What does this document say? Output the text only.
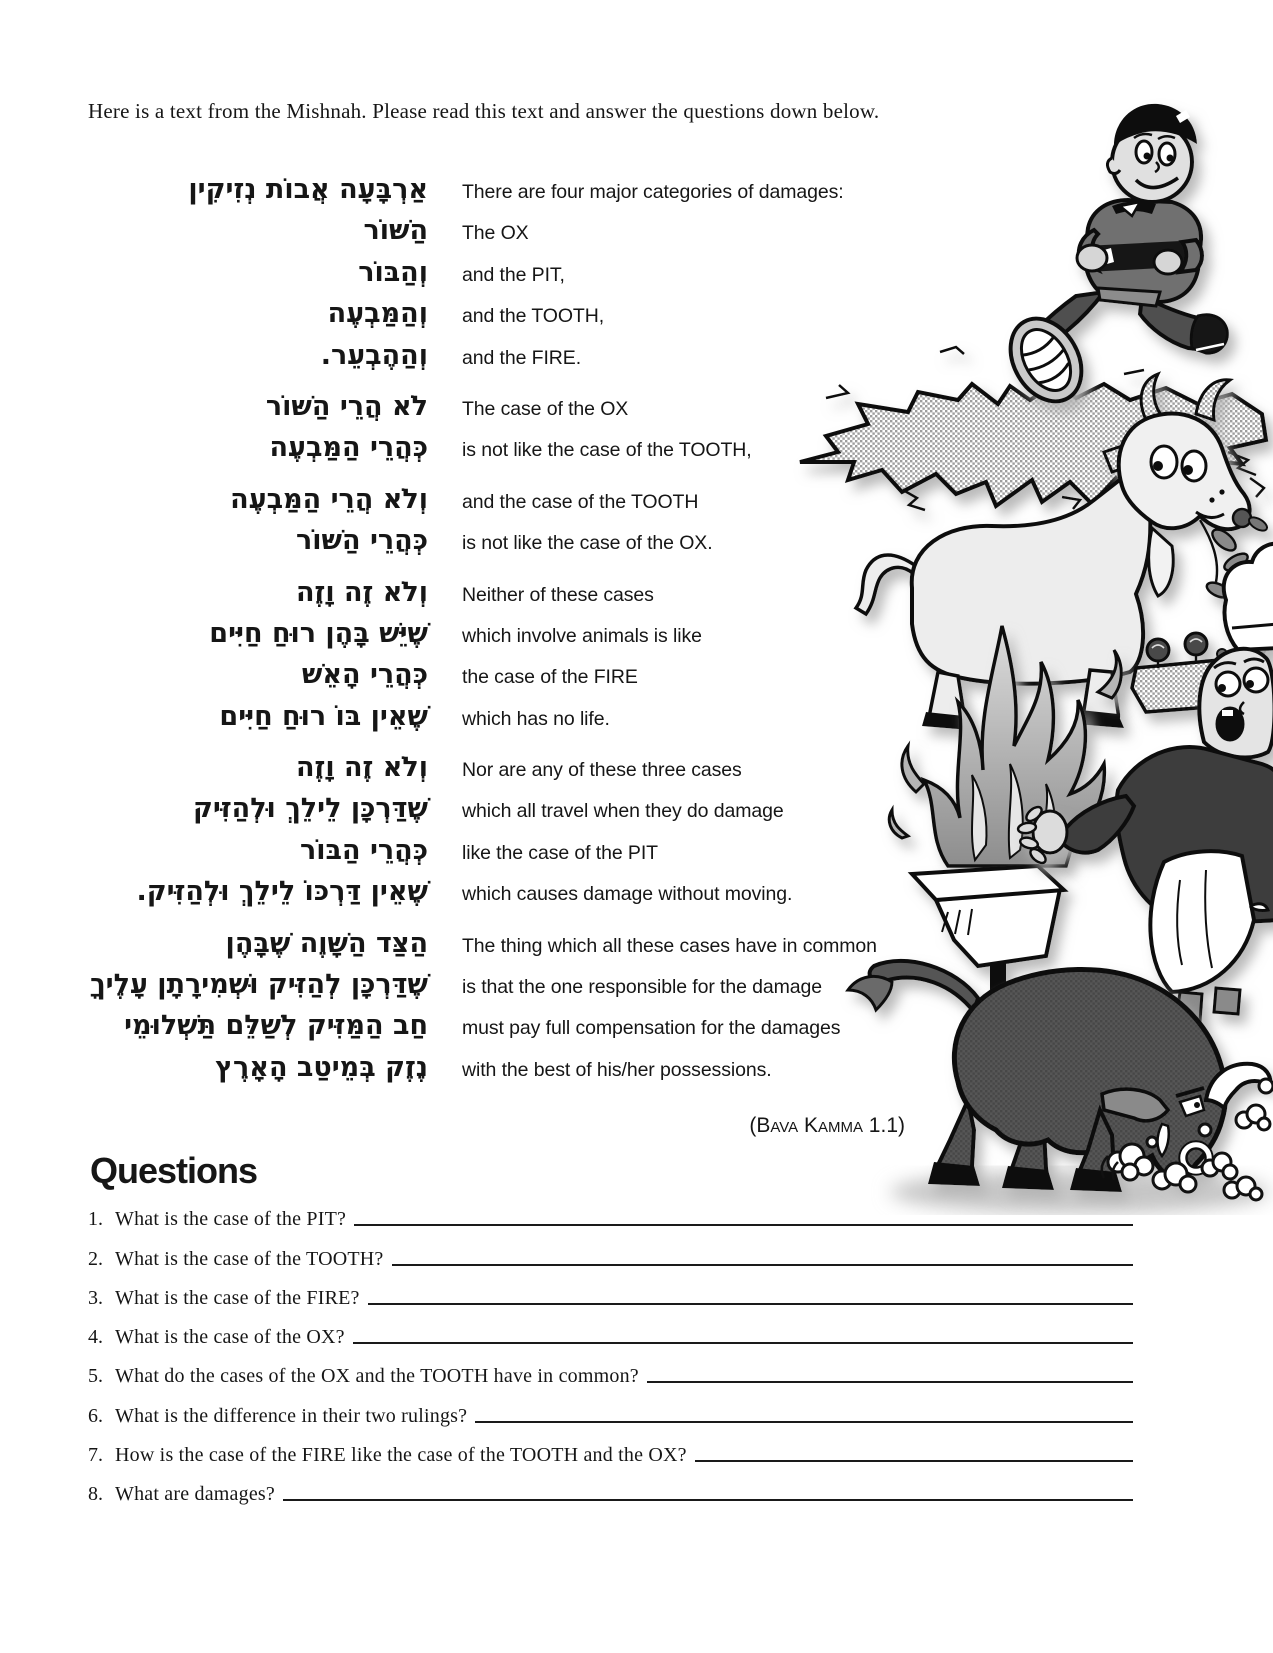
Here is a text from the Mishnah. Please read this text and answer the questions down below.
אַרְבָּעָה אֲבוֹת נְזִיקִין There are four major categories of damages:
הַשּׁוֹר The OX
וְהַבּוֹר and the PIT,
וְהַמַּבְעֶה and the TOOTH,
וְהַהֶבְעֵר. and the FIRE.
לֹא הֲרֵי הַשּׁוֹר The case of the OX
כְּהֲרֵי הַמַּבְעֶה is not like the case of the TOOTH,
וְלֹא הֲרֵי הַמַּבְעֶה and the case of the TOOTH
כְּהֲרֵי הַשּׁוֹר is not like the case of the OX.
וְלֹא זֶה וָזֶה Neither of these cases
שֶׁיֵּשׁ בָּהֶן רוּחַ חַיִּים which involve animals is like
כְּהֲרֵי הָאֵשׁ the case of the FIRE
שֶׁאֵין בּוֹ רוּחַ חַיִּים which has no life.
וְלֹא זֶה וָזֶה Nor are any of these three cases
שֶׁדַּרְכָּן לֵילֵךְ וּלְהַזִּיק which all travel when they do damage
כְּהֲרֵי הַבּוֹר like the case of the PIT
שֶׁאֵין דַּרְכּוֹ לֵילֵךְ וּלְהַזִּיק. which causes damage without moving.
הַצַּד הַשָּׁוֶה שֶׁבָּהֶן The thing which all these cases have in common
שֶׁדַּרְכָּן לְהַזִּיק וּשְׁמִירָתָן עָלֶיךָ is that the one responsible for the damage
חַב הַמַּזִּיק לְשַׁלֵּם תַּשְׁלוּמֵי must pay full compensation for the damages
נֶזֶק בְּמֵיטַב הָאָרֶץ with the best of his/her possessions.
(Bava Kamma 1.1)
Questions
1. What is the case of the PIT?
2. What is the case of the TOOTH?
3. What is the case of the FIRE?
4. What is the case of the OX?
5. What do the cases of the OX and the TOOTH have in common?
6. What is the difference in their two rulings?
7. How is the case of the FIRE like the case of the TOOTH and the OX?
8. What are damages?
